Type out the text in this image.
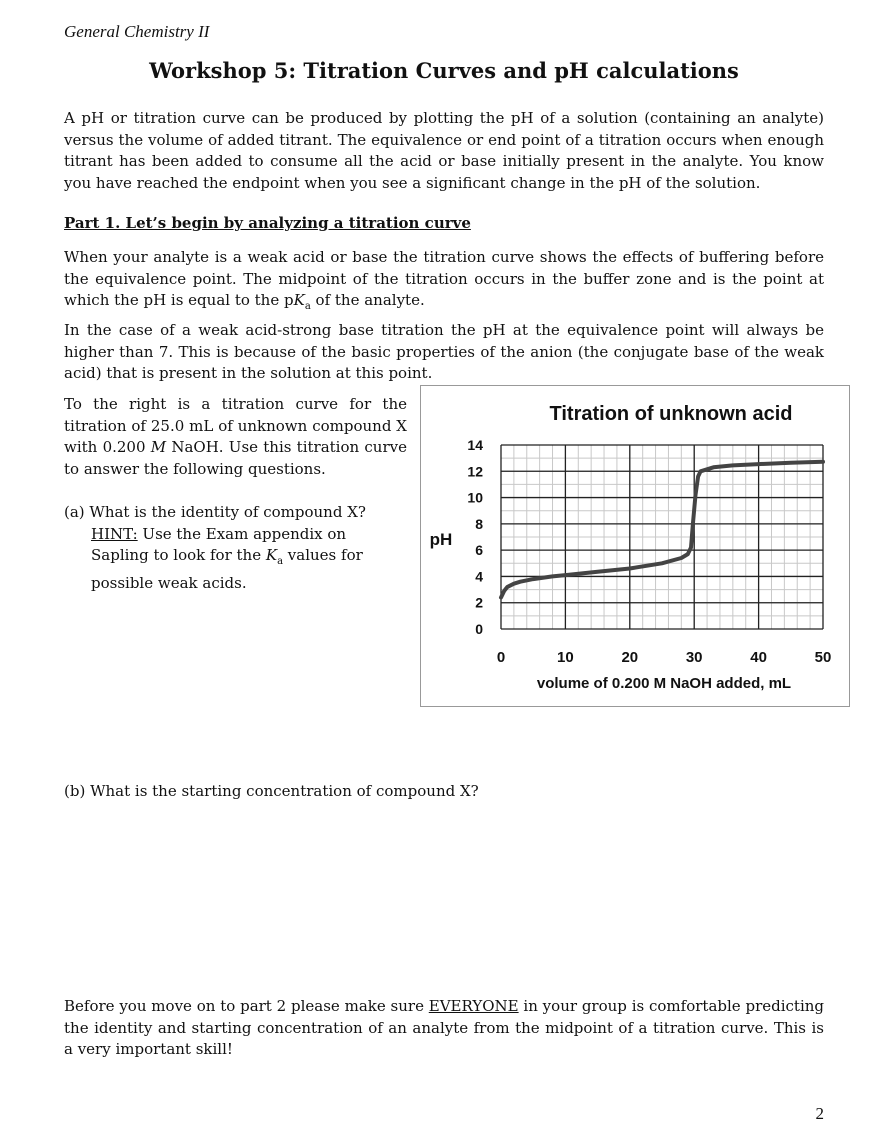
General Chemistry II
Workshop 5: Titration Curves and pH calculations
A pH or titration curve can be produced by plotting the pH of a solution (containing an analyte) versus the volume of added titrant. The equivalence or end point of a titration occurs when enough titrant has been added to consume all the acid or base initially present in the analyte. You know you have reached the endpoint when you see a significant change in the pH of the solution.
Part 1. Let’s begin by analyzing a titration curve
When your analyte is a weak acid or base the titration curve shows the effects of buffering before the equivalence point. The midpoint of the titration occurs in the buffer zone and is the point at which the pH is equal to the $pK_a$ of the analyte.
In the case of a weak acid-strong base titration the pH at the equivalence point will always be higher than 7. This is because of the basic properties of the anion (the conjugate base of the weak acid) that is present in the solution at this point.
To the right is a titration curve for the titration of 25.0 mL of unknown compound X with 0.200 M NaOH. Use this titration curve to answer the following questions.
(a) What is the identity of compound X?
HINT: Use the Exam appendix on Sapling to look for the $K_a$ values for possible weak acids.
Titration of unknown acid
0
2
4
6
8
10
12
14
0	10	20	30	40	50
pH
volume of 0.200 M NaOH added, mL
(b) What is the starting concentration of compound X?
Before you move on to part 2 please make sure EVERYONE in your group is comfortable predicting the identity and starting concentration of an analyte from the midpoint of a titration curve. This is a very important skill!
2
